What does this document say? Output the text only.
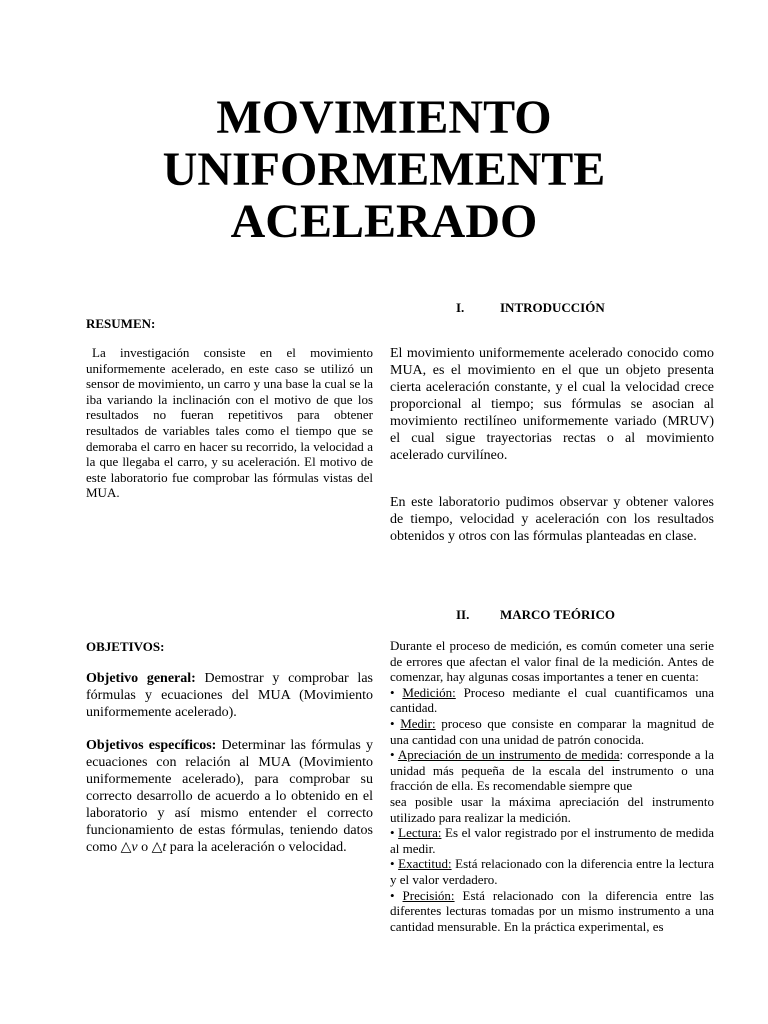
MOVIMIENTO
UNIFORMEMENTE
ACELERADO

RESUMEN:

La investigación consiste en el movimiento uniformemente acelerado, en este caso se utilizó un sensor de movimiento, un carro y una base la cual se la iba variando la inclinación con el motivo de que los resultados no fueran repetitivos para obtener resultados de variables tales como el tiempo que se demoraba el carro en hacer su recorrido, la velocidad a la que llegaba el carro, y su aceleración. El motivo de este laboratorio fue comprobar las fórmulas vistas del MUA.

OBJETIVOS:

Objetivo general: Demostrar y comprobar las fórmulas y ecuaciones del MUA (Movimiento uniformemente acelerado).

Objetivos específicos: Determinar las fórmulas y ecuaciones con relación al MUA (Movimiento uniformemente acelerado), para comprobar su correcto desarrollo de acuerdo a lo obtenido en el laboratorio y así mismo entender el correcto funcionamiento de estas fórmulas, teniendo datos como △v o △t para la aceleración o velocidad.

I.	INTRODUCCIÓN

El movimiento uniformemente acelerado conocido como MUA, es el movimiento en el que un objeto presenta cierta aceleración constante, y el cual la velocidad crece proporcional al tiempo; sus fórmulas se asocian al movimiento rectilíneo uniformemente variado (MRUV) el cual sigue trayectorias rectas o al movimiento acelerado curvilíneo.

En este laboratorio pudimos observar y obtener valores de tiempo, velocidad y aceleración con los resultados obtenidos y otros con las fórmulas planteadas en clase.

II. MARCO TEÓRICO

Durante el proceso de medición, es común cometer una serie de errores que afectan el valor final de la medición. Antes de comenzar, hay algunas cosas importantes a tener en cuenta:

• Medición: Proceso mediante el cual cuantificamos una cantidad.

• Medir: proceso que consiste en comparar la magnitud de una cantidad con una unidad de patrón conocida.

• Apreciación de un instrumento de medida: corresponde a la unidad más pequeña de la escala del instrumento o una fracción de ella. Es recomendable siempre que

sea posible usar la máxima apreciación del instrumento utilizado para realizar la medición.

• Lectura: Es el valor registrado por el instrumento de medida al medir.

• Exactitud: Está relacionado con la diferencia entre la lectura y el valor verdadero.

• Precisión: Está relacionado con la diferencia entre las diferentes lecturas tomadas por un mismo instrumento a una cantidad mensurable. En la práctica experimental, es
